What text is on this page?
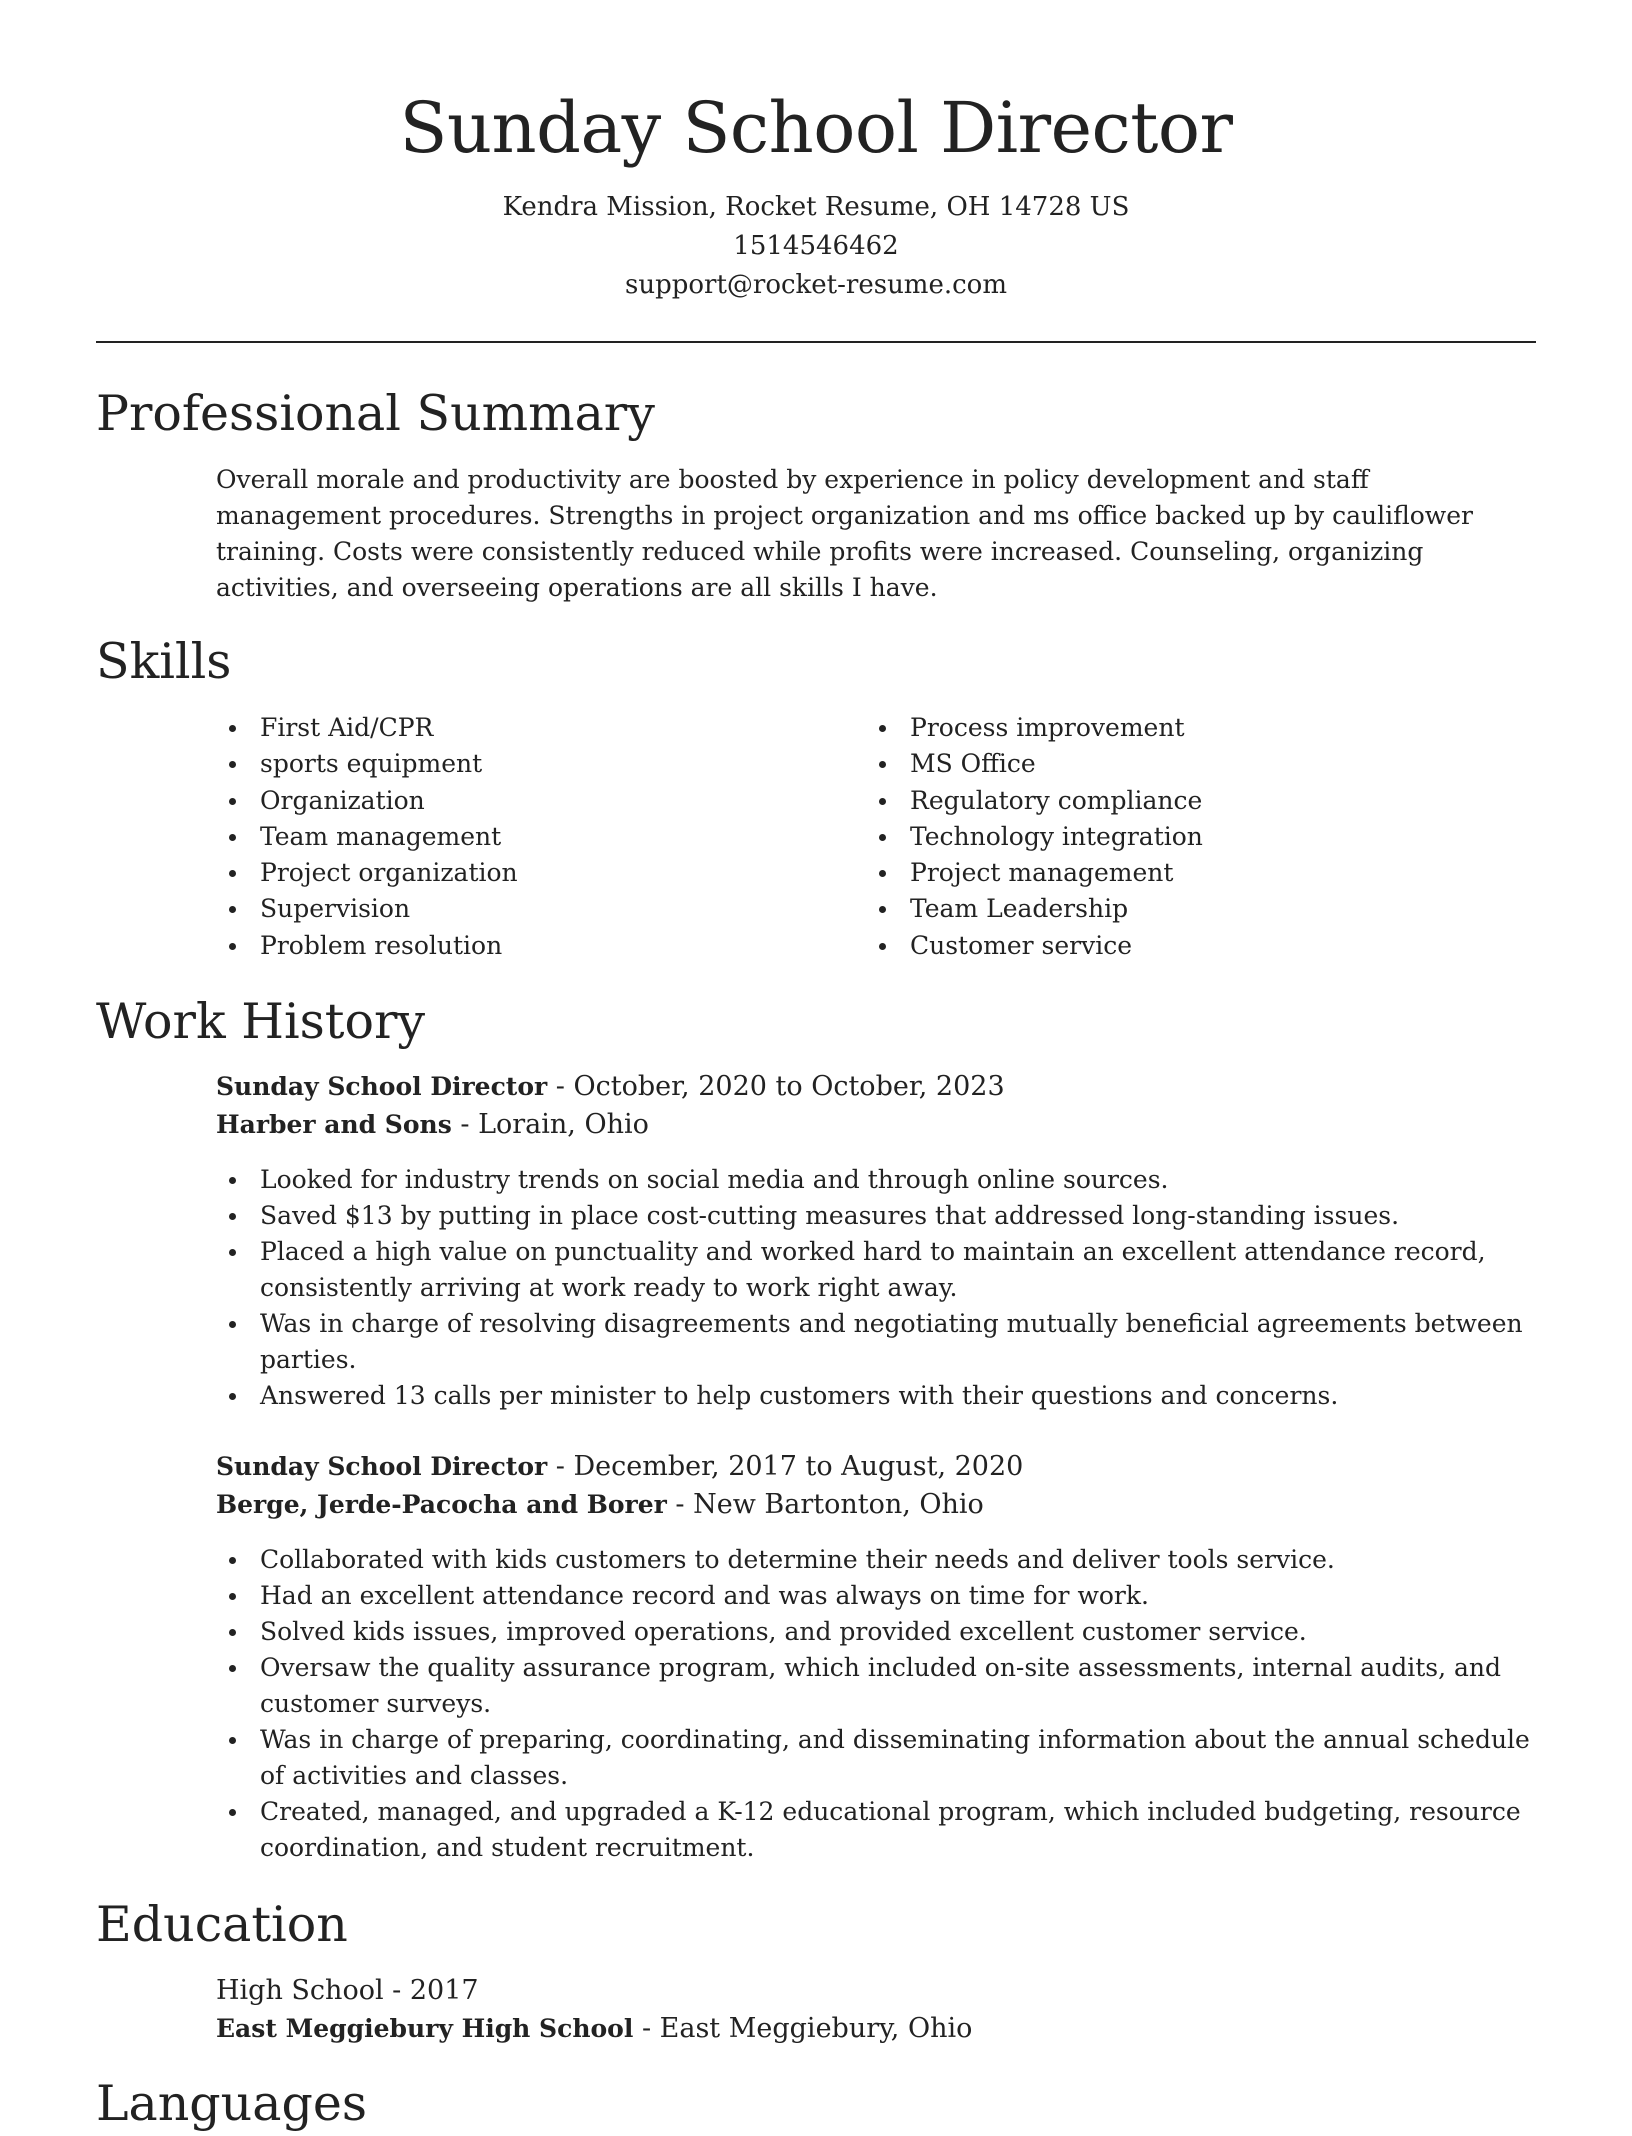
Sunday School Director
Kendra Mission, Rocket Resume, OH 14728 US
1514546462
support@rocket-resume.com
Professional Summary
Overall morale and productivity are boosted by experience in policy development and staff management procedures. Strengths in project organization and ms office backed up by cauliflower training. Costs were consistently reduced while profits were increased. Counseling, organizing activities, and overseeing operations are all skills I have.
Skills
First Aid/CPR
sports equipment
Organization
Team management
Project organization
Supervision
Problem resolution
Process improvement
MS Office
Regulatory compliance
Technology integration
Project management
Team Leadership
Customer service
Work History
Sunday School Director - October, 2020 to October, 2023
Harber and Sons - Lorain, Ohio
Looked for industry trends on social media and through online sources.
Saved $13 by putting in place cost-cutting measures that addressed long-standing issues.
Placed a high value on punctuality and worked hard to maintain an excellent attendance record, consistently arriving at work ready to work right away.
Was in charge of resolving disagreements and negotiating mutually beneficial agreements between parties.
Answered 13 calls per minister to help customers with their questions and concerns.
Sunday School Director - December, 2017 to August, 2020
Berge, Jerde-Pacocha and Borer - New Bartonton, Ohio
Collaborated with kids customers to determine their needs and deliver tools service.
Had an excellent attendance record and was always on time for work.
Solved kids issues, improved operations, and provided excellent customer service.
Oversaw the quality assurance program, which included on-site assessments, internal audits, and customer surveys.
Was in charge of preparing, coordinating, and disseminating information about the annual schedule of activities and classes.
Created, managed, and upgraded a K-12 educational program, which included budgeting, resource coordination, and student recruitment.
Education
High School - 2017
East Meggiebury High School - East Meggiebury, Ohio
Languages
